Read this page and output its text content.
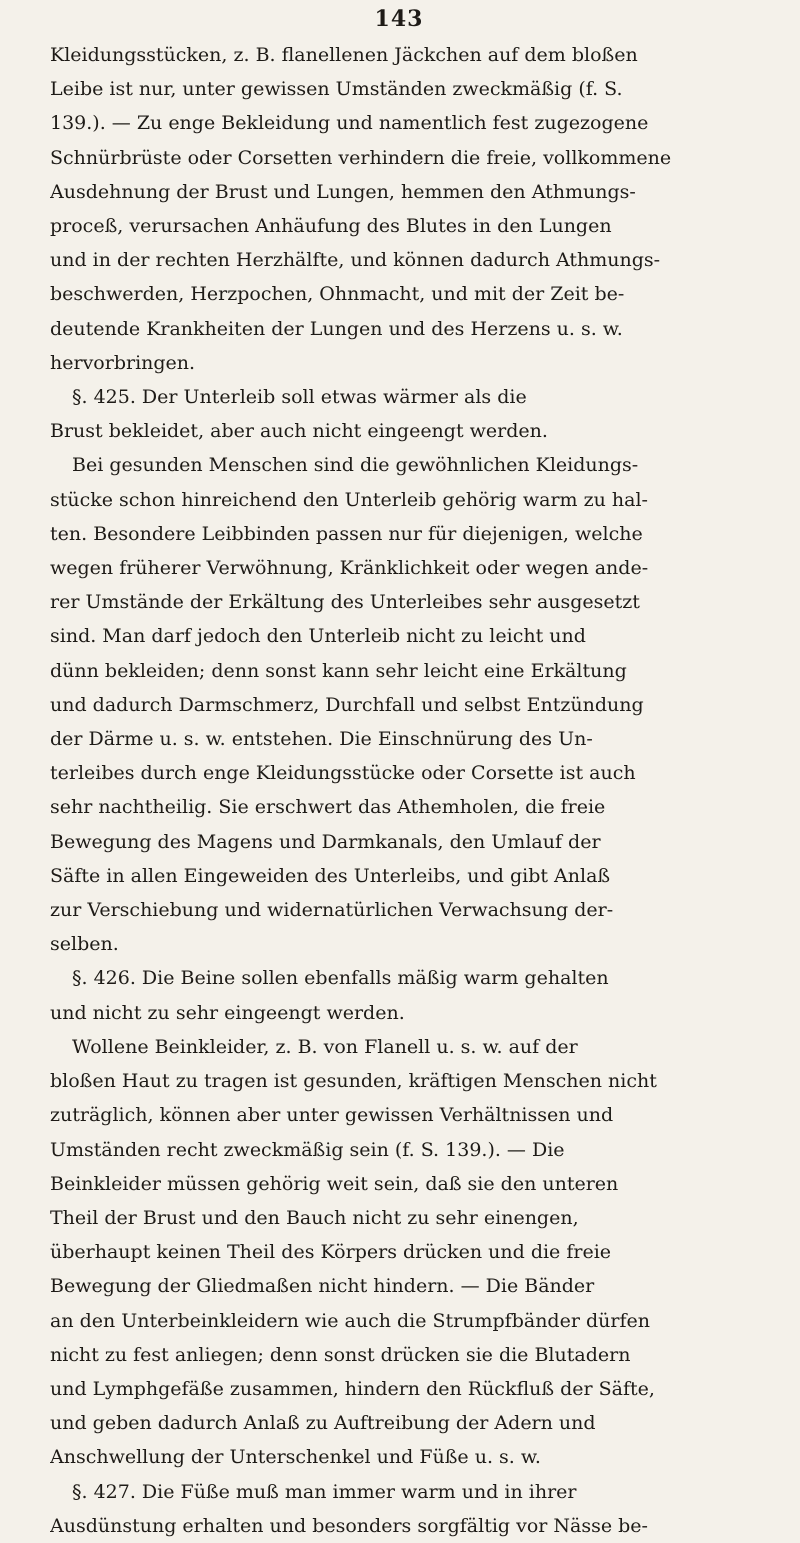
143
Kleidungsstücken, z. B. flanellenen Jäckchen auf dem bloßen
Leibe ist nur, unter gewissen Umständen zweckmäßig (f. S.
139.). — Zu enge Bekleidung und namentlich fest zugezogene
Schnürbrüste oder Corsetten verhindern die freie, vollkommene
Ausdehnung der Brust und Lungen, hemmen den Athmungs-
proceß, verursachen Anhäufung des Blutes in den Lungen
und in der rechten Herzhälfte, und können dadurch Athmungs-
beschwerden, Herzpochen, Ohnmacht, und mit der Zeit be-
deutende Krankheiten der Lungen und des Herzens u. s. w.
hervorbringen.
§. 425. Der Unterleib soll etwas wärmer als die
Brust bekleidet, aber auch nicht eingeengt werden.
Bei gesunden Menschen sind die gewöhnlichen Kleidungs-
stücke schon hinreichend den Unterleib gehörig warm zu hal-
ten. Besondere Leibbinden passen nur für diejenigen, welche
wegen früherer Verwöhnung, Kränklichkeit oder wegen ande-
rer Umstände der Erkältung des Unterleibes sehr ausgesetzt
sind. Man darf jedoch den Unterleib nicht zu leicht und
dünn bekleiden; denn sonst kann sehr leicht eine Erkältung
und dadurch Darmschmerz, Durchfall und selbst Entzündung
der Därme u. s. w. entstehen. Die Einschnürung des Un-
terleibes durch enge Kleidungsstücke oder Corsette ist auch
sehr nachtheilig. Sie erschwert das Athemholen, die freie
Bewegung des Magens und Darmkanals, den Umlauf der
Säfte in allen Eingeweiden des Unterleibs, und gibt Anlaß
zur Verschiebung und widernatürlichen Verwachsung der-
selben.
§. 426. Die Beine sollen ebenfalls mäßig warm gehalten
und nicht zu sehr eingeengt werden.
Wollene Beinkleider, z. B. von Flanell u. s. w. auf der
bloßen Haut zu tragen ist gesunden, kräftigen Menschen nicht
zuträglich, können aber unter gewissen Verhältnissen und
Umständen recht zweckmäßig sein (f. S. 139.). — Die
Beinkleider müssen gehörig weit sein, daß sie den unteren
Theil der Brust und den Bauch nicht zu sehr einengen,
überhaupt keinen Theil des Körpers drücken und die freie
Bewegung der Gliedmaßen nicht hindern. — Die Bänder
an den Unterbeinkleidern wie auch die Strumpfbänder dürfen
nicht zu fest anliegen; denn sonst drücken sie die Blutadern
und Lymphgefäße zusammen, hindern den Rückfluß der Säfte,
und geben dadurch Anlaß zu Auftreibung der Adern und
Anschwellung der Unterschenkel und Füße u. s. w.
§. 427. Die Füße muß man immer warm und in ihrer
Ausdünstung erhalten und besonders sorgfältig vor Nässe be-
